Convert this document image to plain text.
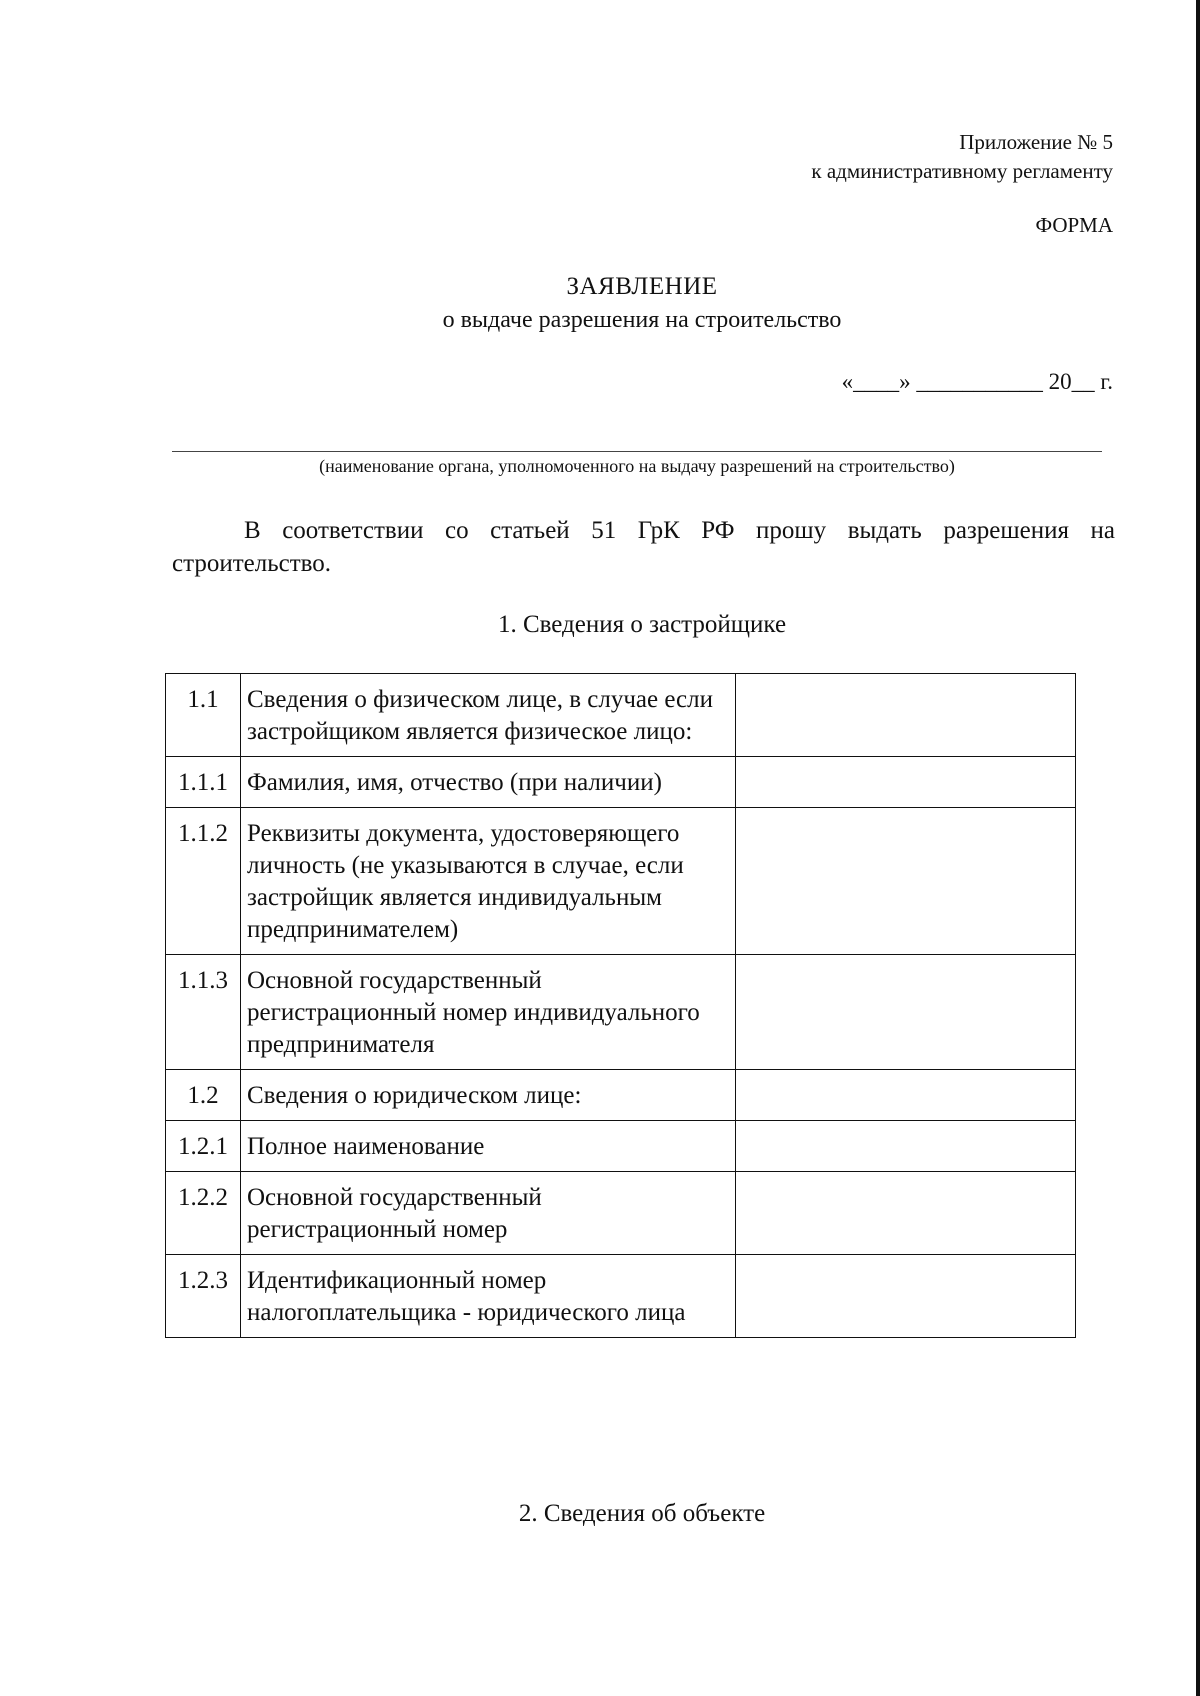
Приложение № 5
к административному регламенту
ФОРМА
ЗАЯВЛЕНИЕ
о выдаче разрешения на строительство
«____» ___________ 20__ г.
(наименование органа, уполномоченного на выдачу разрешений на строительство)
В соответствии со статьей 51 ГрК РФ прошу выдать разрешения на строительство.
1. Сведения о застройщике
1.1	Сведения о физическом лице, в случае если застройщиком является физическое лицо:	
1.1.1	Фамилия, имя, отчество (при наличии)	
1.1.2	Реквизиты документа, удостоверяющего личность (не указываются в случае, если застройщик является индивидуальным предпринимателем)	
1.1.3	Основной государственный регистрационный номер индивидуального предпринимателя	
1.2	Сведения о юридическом лице:	
1.2.1	Полное наименование	
1.2.2	Основной государственный регистрационный номер	
1.2.3	Идентификационный номер налогоплательщика - юридического лица	
2. Сведения об объекте
